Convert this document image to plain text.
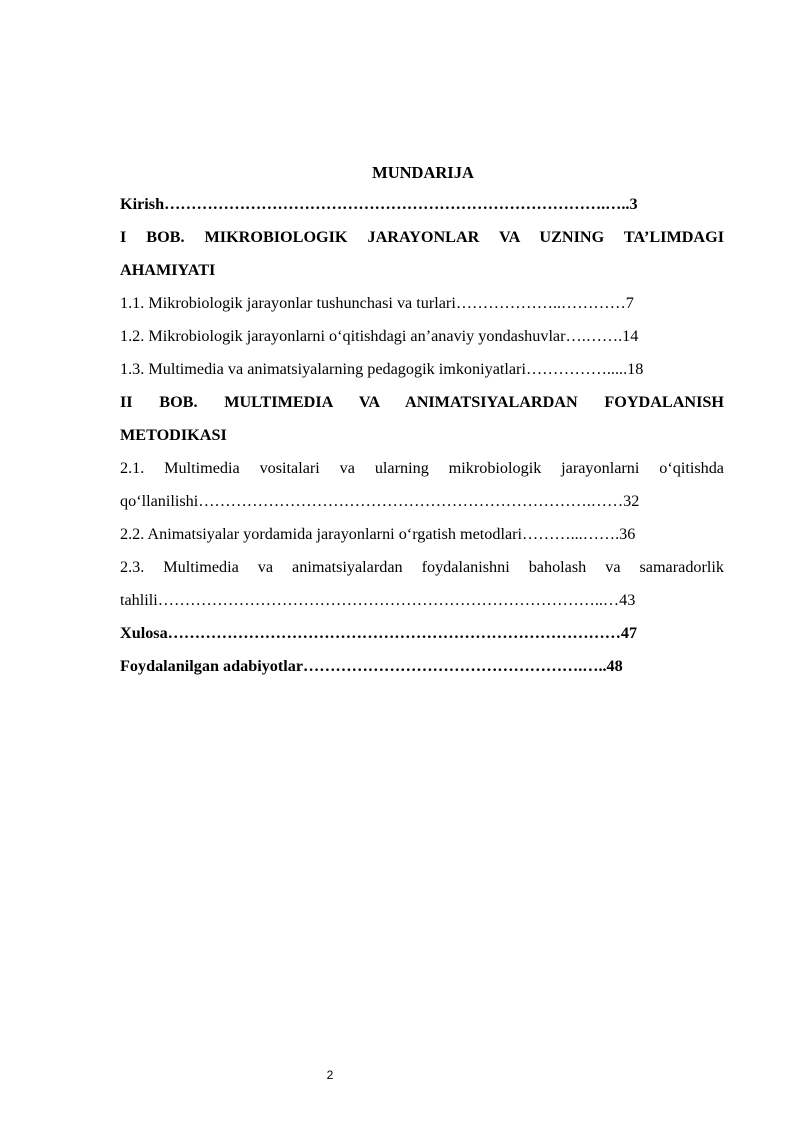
MUNDARIJA
Kirish……………………………………………………………………….…..3
I BOB. MIKROBIOLOGIK JARAYONLAR VA UZNING TA’LIMDAGI
AHAMIYATI
1.1. Mikrobiologik jarayonlar tushunchasi va turlari………………..…………7
1.2. Mikrobiologik jarayonlarni o‘qitishdagi an’anaviy yondashuvlar….…….14
1.3. Multimedia va animatsiyalarning pedagogik imkoniyatlari…………….....18
II BOB. MULTIMEDIA VA ANIMATSIYALARDAN FOYDALANISH
METODIKASI
2.1. Multimedia vositalari va ularning mikrobiologik jarayonlarni o‘qitishda
qo‘llanilishi……………………………………………………………….……32
2.2. Animatsiyalar yordamida jarayonlarni o‘rgatish metodlari………...…….36
2.3. Multimedia va animatsiyalardan foydalanishni baholash va samaradorlik
tahlili………………………………………………………………………..…43
Xulosa…………………………………………………………………………47
Foydalanilgan adabiyotlar…………………………………………….…..48
2
